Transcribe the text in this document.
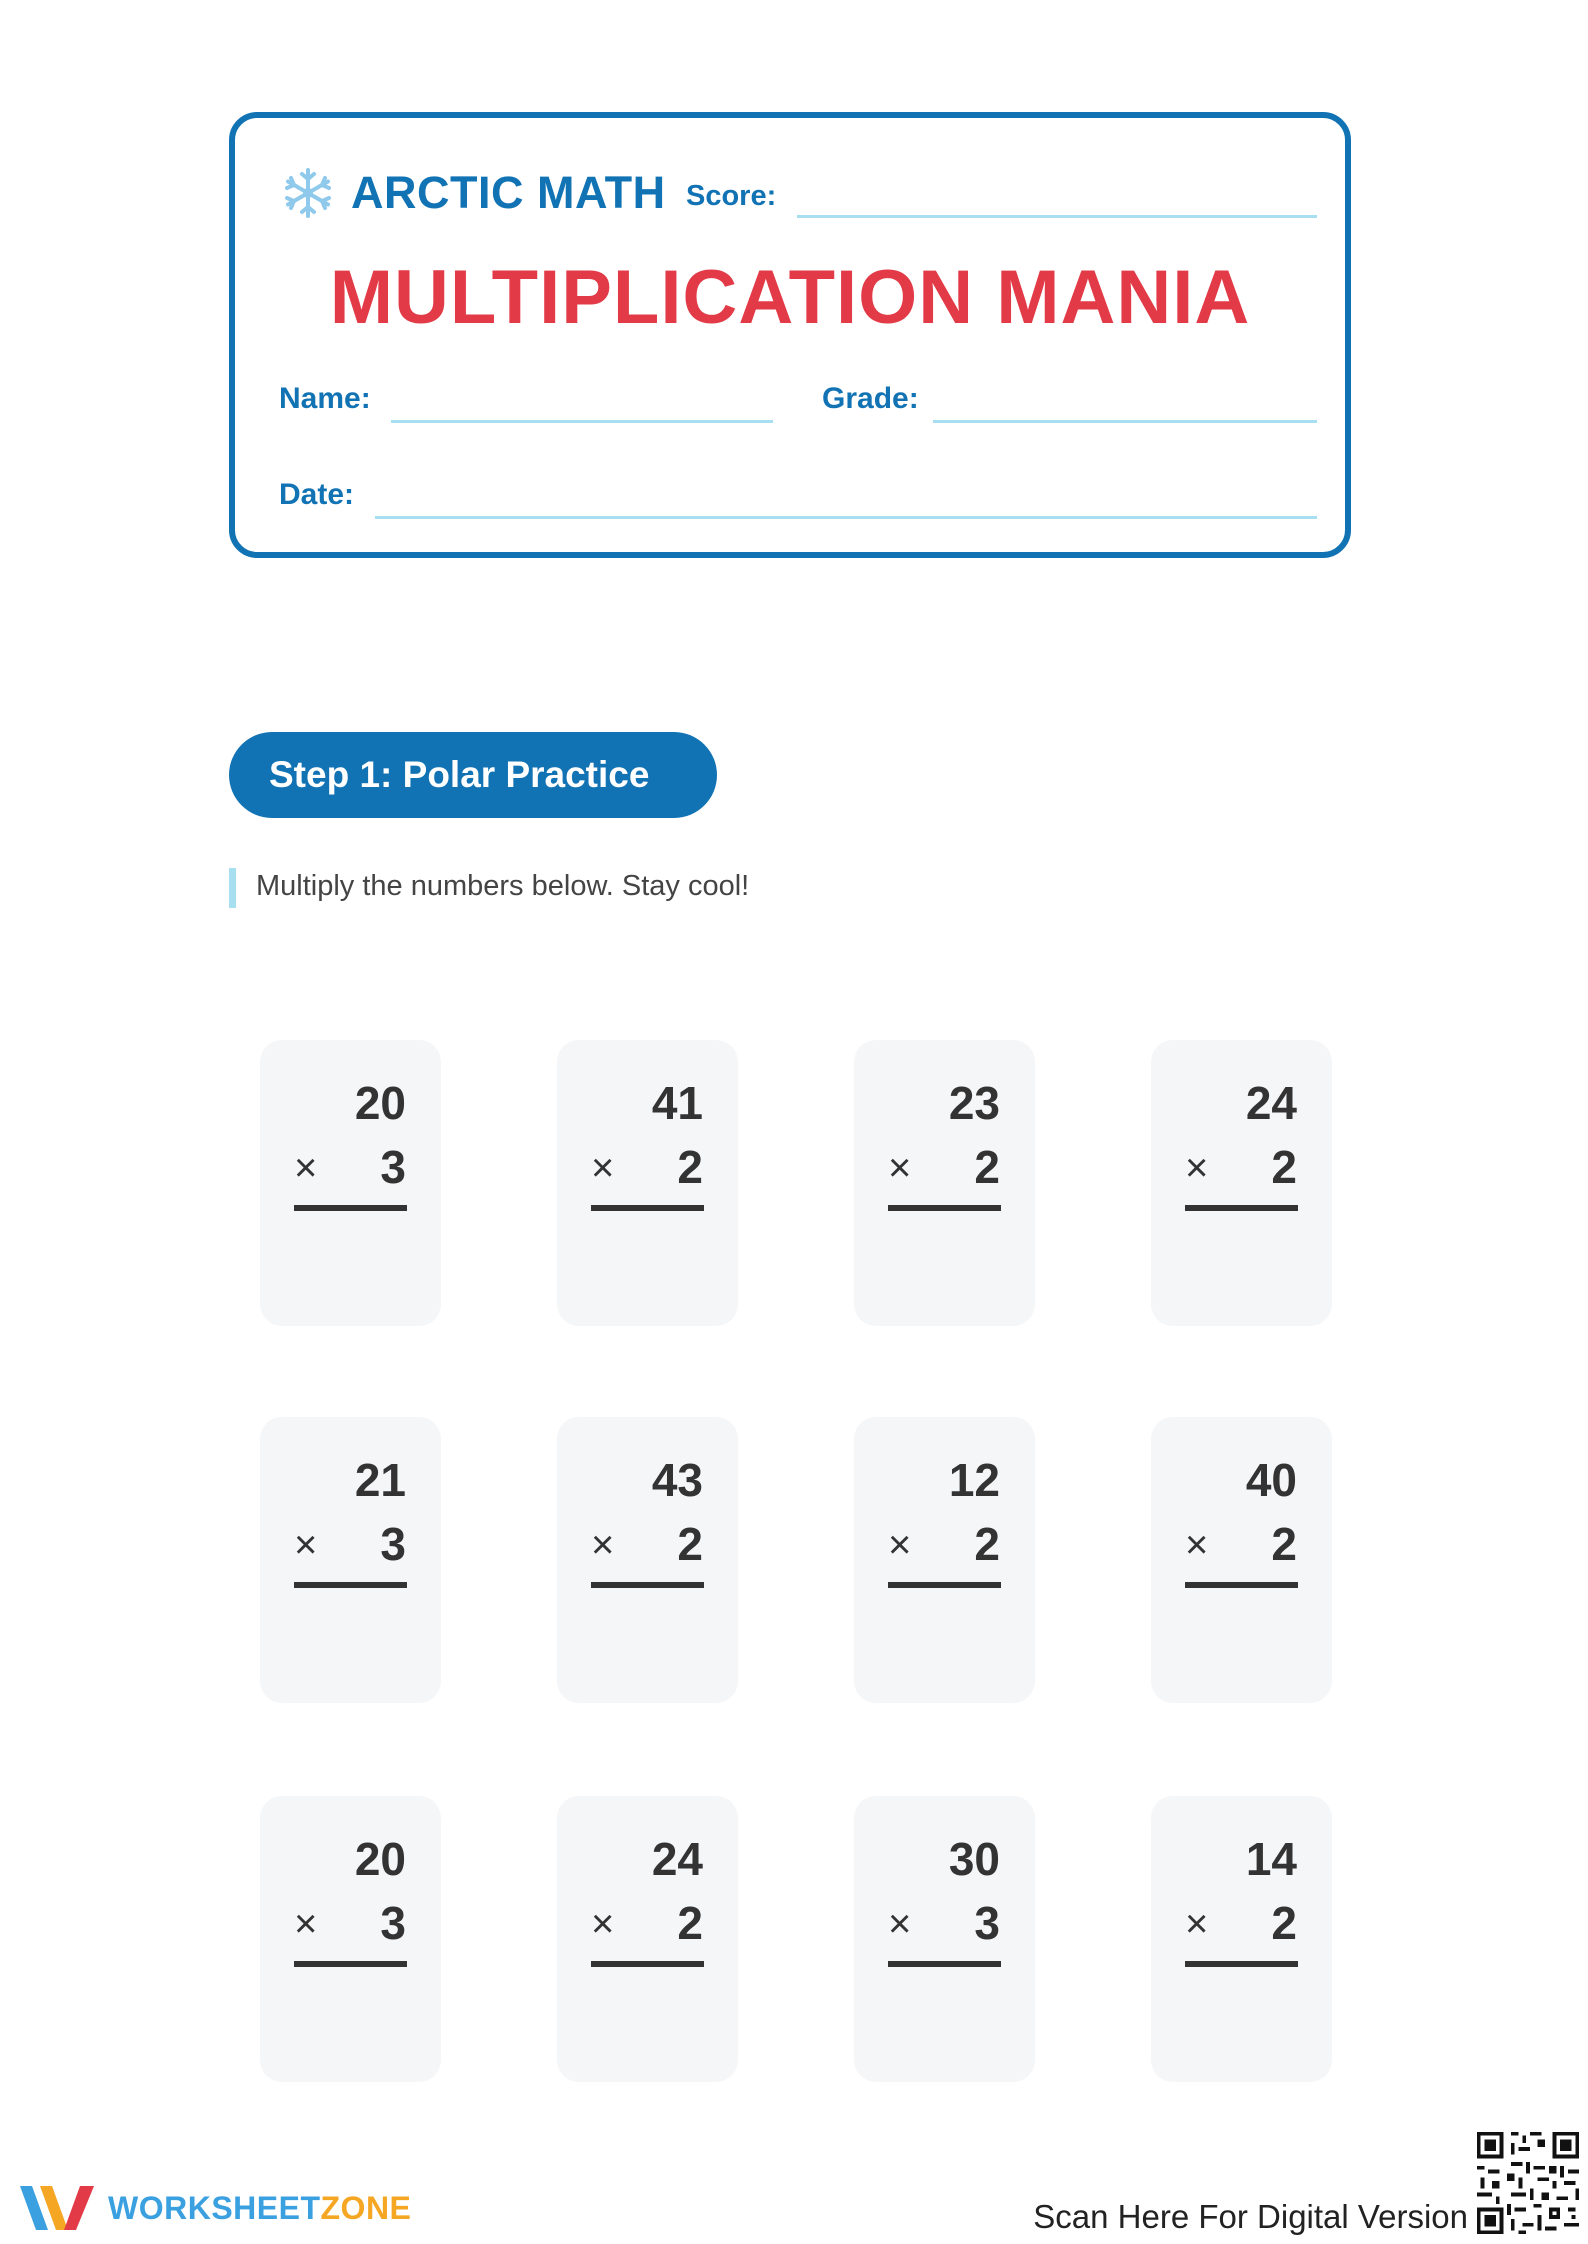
ARCTIC MATH Score:
MULTIPLICATION MANIA
Name:	Grade:
Date:
Step 1: Polar Practice
Multiply the numbers below. Stay cool!
20
× 3
41
× 2
23
× 2
24
× 2
21
× 3
43
× 2
12
× 2
40
× 2
20
× 3
24
× 2
30
× 3
14
× 2
WORKSHEETZONE	Scan Here For Digital Version
